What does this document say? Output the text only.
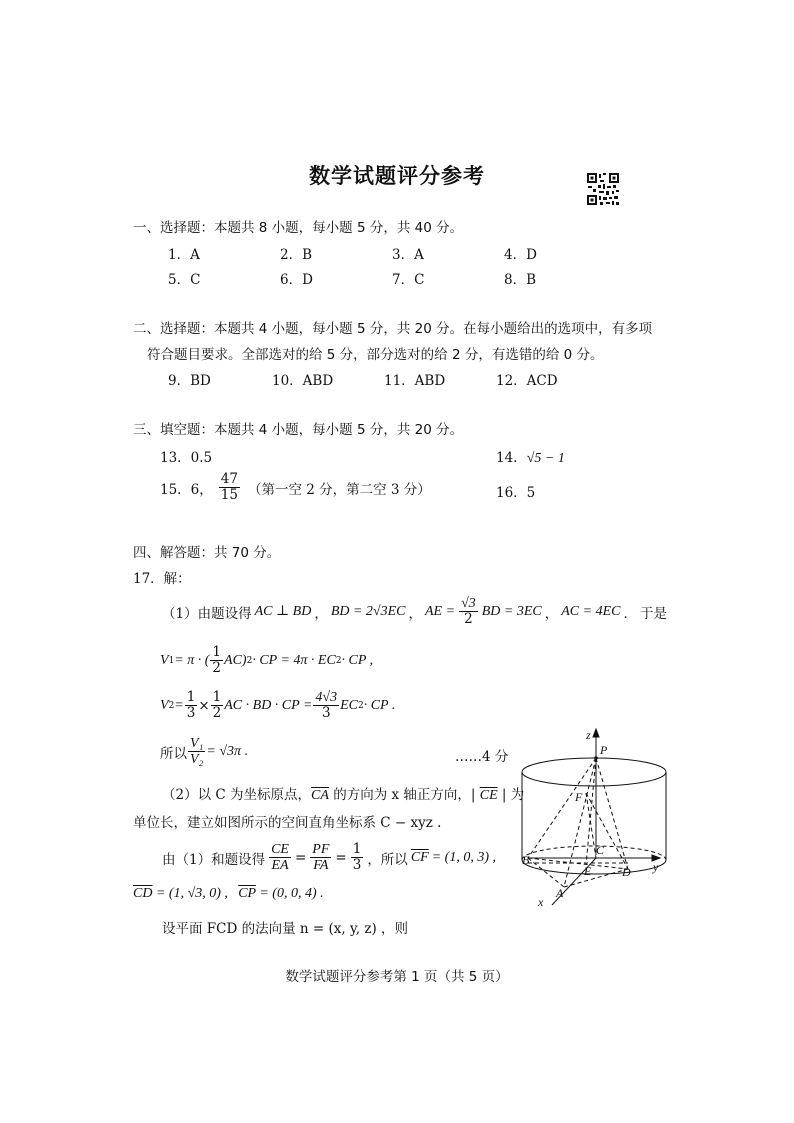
数学试题评分参考
一、选择题：本题共 8 小题，每小题 5 分，共 40 分。
1．A	2．B	3．A	4．D
5．C	6．D	7．C	8．B
二、选择题：本题共 4 小题，每小题 5 分，共 20 分。在每小题给出的选项中，有多项
符合题目要求。全部选对的给 5 分，部分选对的给 2 分，有选错的给 0 分。
9．BD	10．ABD	11．ABD	12．ACD
三、填空题：本题共 4 小题，每小题 5 分，共 20 分。
13．0.5	14．√5 − 1
15．6， $\frac{47}{15}$ （第一空 2 分，第二空 3 分）	16．5
四、解答题：共 70 分。
17．解：
（1）由题设得 AC ⊥ BD ， BD = 2√3EC ， AE = $\frac{√3}{2}$ BD = 3EC ， AC = 4EC ． 于是
V 1 = π · ( $\frac{1}{2} AC$) 2 · CP = 4π · EC 2 · CP ,
V $2 = \frac{1}{3} \times \frac{1}{2}$ AC · BD · CP = $\frac{4√3}{3}$ EC 2 · CP .
所以 $\frac{\text{V₁}}{\text{V₂}} = √3\pi$ .	……4 分
（2）以 C 为坐标原点，$\overline{CA}$ 的方向为 x 轴正方向，| $\overline{CE}$ | 为
单位长，建立如图所示的空间直角坐标系 C − xyz .
由（1）和题设得 $\frac{CE}{EA} = \frac{PF}{FA} = \frac{1}{3}$ ，所以 $\overline{CF} = (1$, 0, 3) ,
$\overline{CD} = (1$, √3, 0) , $\overline{CP} = (0$, 0, 4) .
设平面 FCD 的法向量 n = (x, y, z) ，则
z
P
F
B
C
E	D
A
x
y
数学试题评分参考第 1 页（共 5 页）
